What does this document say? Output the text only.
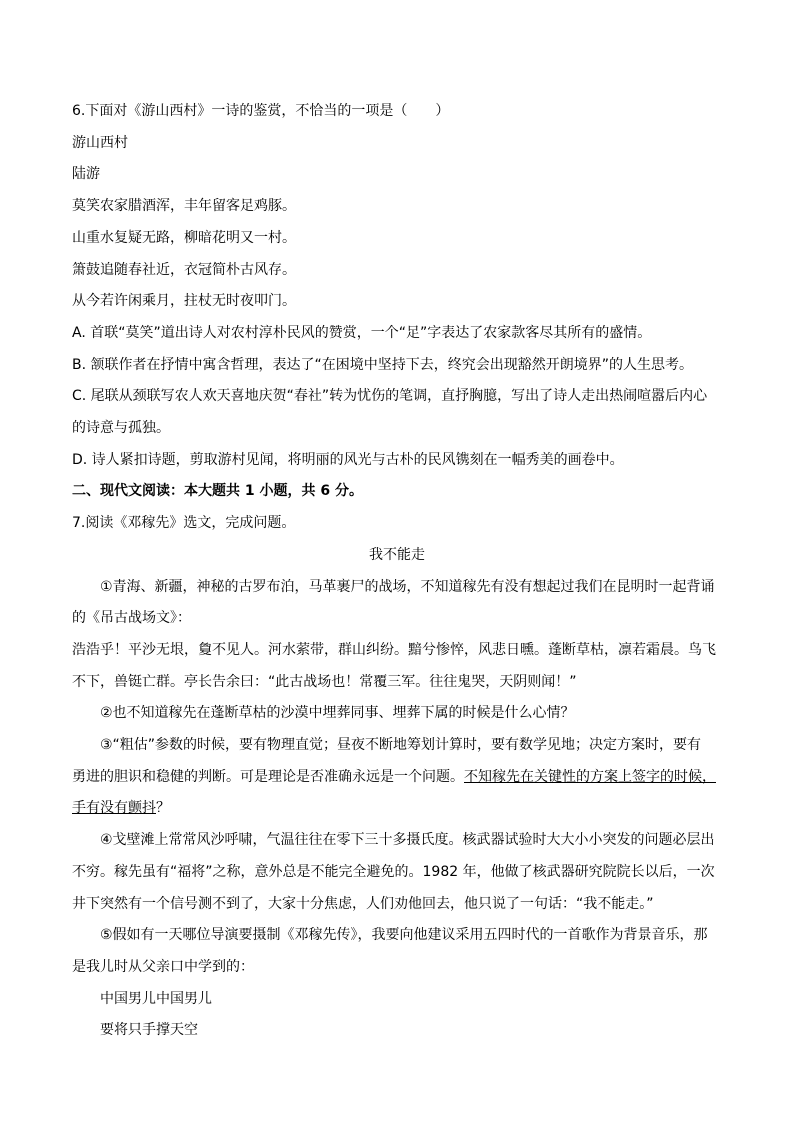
6.下面对《游山西村》一诗的鉴赏，不恰当的一项是（　　）

游山西村

陆游

莫笑农家腊酒浑，丰年留客足鸡豚。

山重水复疑无路，柳暗花明又一村。

箫鼓追随春社近，衣冠简朴古风存。

从今若许闲乘月，拄杖无时夜叩门。

A. 首联“莫笑”道出诗人对农村淳朴民风的赞赏，一个“足”字表达了农家款客尽其所有的盛情。

B. 颔联作者在抒情中寓含哲理，表达了“在困境中坚持下去，终究会出现豁然开朗境界”的人生思考。

C. 尾联从颈联写农人欢天喜地庆贺“春社”转为忧伤的笔调，直抒胸臆，写出了诗人走出热闹喧嚣后内心

的诗意与孤独。

D. 诗人紧扣诗题，剪取游村见闻，将明丽的风光与古朴的民风镌刻在一幅秀美的画卷中。

二、现代文阅读：本大题共 1 小题，共 6 分。

7.阅读《邓稼先》选文，完成问题。

我不能走

①青海、新疆，神秘的古罗布泊，马革裹尸的战场，不知道稼先有没有想起过我们在昆明时一起背诵

的《吊古战场文》：

浩浩乎！平沙无垠，敻不见人。河水萦带，群山纠纷。黯兮惨悴，风悲日曛。蓬断草枯，凛若霜晨。鸟飞

不下，兽铤亡群。亭长告余曰：“此古战场也！常覆三军。往往鬼哭，天阴则闻！”

②也不知道稼先在蓬断草枯的沙漠中埋葬同事、埋葬下属的时候是什么心情？

③“粗估”参数的时候，要有物理直觉；昼夜不断地筹划计算时，要有数学见地；决定方案时，要有

勇进的胆识和稳健的判断。可是理论是否准确永远是一个问题。不知稼先在关键性的方案上签字的时候，

手有没有颤抖？

④戈壁滩上常常风沙呼啸，气温往往在零下三十多摄氏度。核武器试验时大大小小突发的问题必层出

不穷。稼先虽有“福将”之称，意外总是不能完全避免的。1982 年，他做了核武器研究院院长以后，一次

井下突然有一个信号测不到了，大家十分焦虑，人们劝他回去，他只说了一句话：“我不能走。”

⑤假如有一天哪位导演要摄制《邓稼先传》，我要向他建议采用五四时代的一首歌作为背景音乐，那

是我儿时从父亲口中学到的：

中国男儿中国男儿

要将只手撑天空
